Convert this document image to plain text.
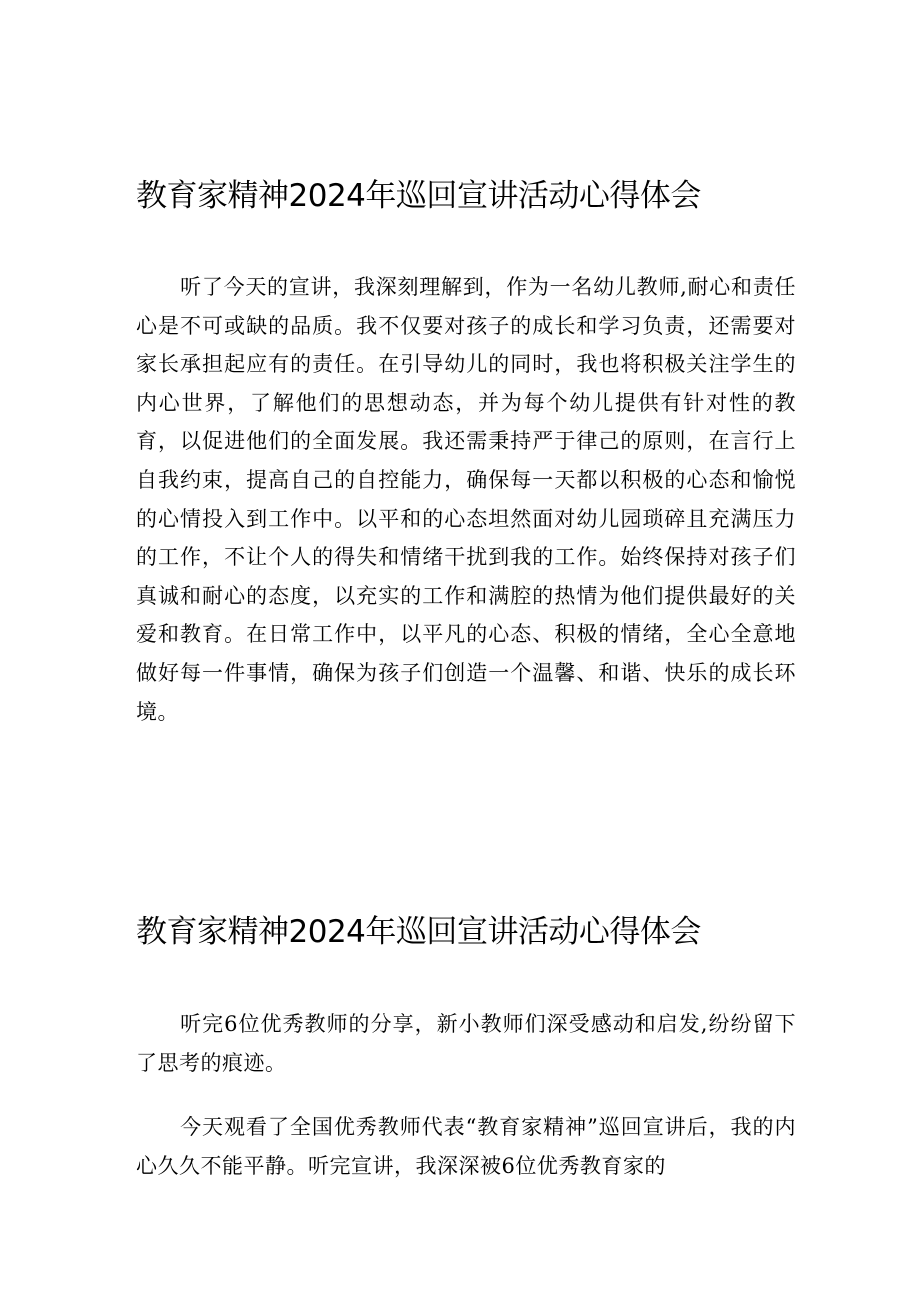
教育家精神2024年巡回宣讲活动心得体会

听了今天的宣讲，我深刻理解到，作为一名幼儿教师,耐心和责任心是不可或缺的品质。我不仅要对孩子的成长和学习负责，还需要对家长承担起应有的责任。在引导幼儿的同时，我也将积极关注学生的内心世界，了解他们的思想动态，并为每个幼儿提供有针对性的教育，以促进他们的全面发展。我还需秉持严于律己的原则，在言行上自我约束，提高自己的自控能力，确保每一天都以积极的心态和愉悦的心情投入到工作中。以平和的心态坦然面对幼儿园琐碎且充满压力的工作，不让个人的得失和情绪干扰到我的工作。始终保持对孩子们真诚和耐心的态度，以充实的工作和满腔的热情为他们提供最好的关爱和教育。在日常工作中，以平凡的心态、积极的情绪，全心全意地做好每一件事情，确保为孩子们创造一个温馨、和谐、快乐的成长环境。

教育家精神2024年巡回宣讲活动心得体会

听完6位优秀教师的分享，新小教师们深受感动和启发,纷纷留下了思考的痕迹。

今天观看了全国优秀教师代表“教育家精神”巡回宣讲后，我的内心久久不能平静。听完宣讲，我深深被6位优秀教育家的
